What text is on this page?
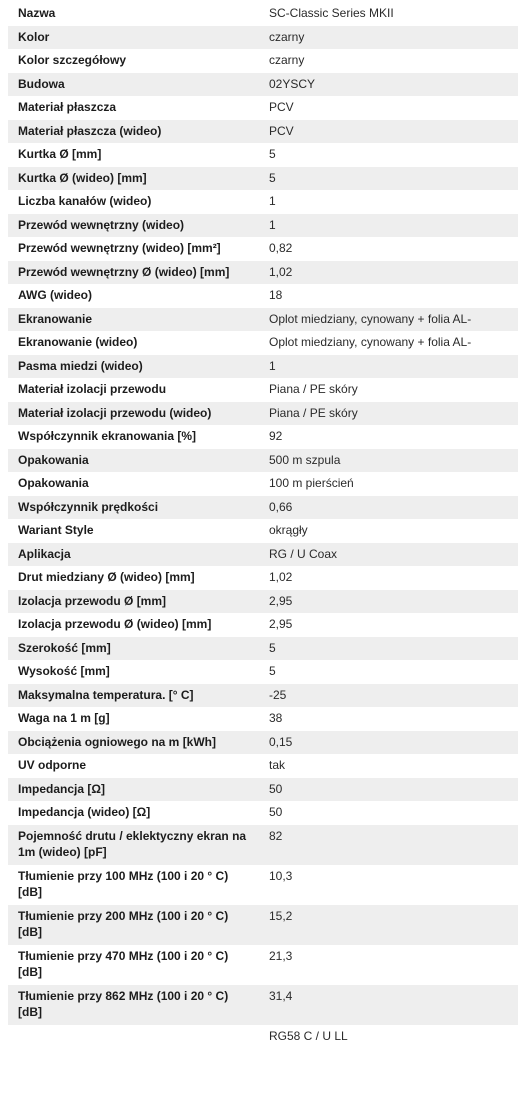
Nazwa	SC-Classic Series MKII
Kolor	czarny
Kolor szczegółowy	czarny
Budowa	02YSCY
Materiał płaszcza	PCV
Materiał płaszcza (wideo)	PCV
Kurtka Ø [mm]	5
Kurtka Ø (wideo) [mm]	5
Liczba kanałów (wideo)	1
Przewód wewnętrzny (wideo)	1
Przewód wewnętrzny (wideo) [mm²]	0,82
Przewód wewnętrzny Ø (wideo) [mm]	1,02
AWG (wideo)	18
Ekranowanie	Oplot miedziany, cynowany + folia AL-
Ekranowanie (wideo)	Oplot miedziany, cynowany + folia AL-
Pasma miedzi (wideo)	1
Materiał izolacji przewodu	Piana / PE skóry
Materiał izolacji przewodu (wideo)	Piana / PE skóry
Współczynnik ekranowania [%]	92
Opakowania	500 m szpula
Opakowania	100 m pierścień
Współczynnik prędkości	0,66
Wariant Style	okrągły
Aplikacja	RG / U Coax
Drut miedziany Ø (wideo) [mm]	1,02
Izolacja przewodu Ø [mm]	2,95
Izolacja przewodu Ø (wideo) [mm]	2,95
Szerokość [mm]	5
Wysokość [mm]	5
Maksymalna temperatura. [° C]	-25
Waga na 1 m [g]	38
Obciążenia ogniowego na m [kWh]	0,15
UV odporne	tak
Impedancja [Ω]	50
Impedancja (wideo) [Ω]	50
Pojemność drutu / eklektyczny ekran na 1m (wideo) [pF]	82
Tłumienie przy 100 MHz (100 i 20 ° C) [dB]	10,3
Tłumienie przy 200 MHz (100 i 20 ° C) [dB]	15,2
Tłumienie przy 470 MHz (100 i 20 ° C) [dB]	21,3
Tłumienie przy 862 MHz (100 i 20 ° C) [dB]	31,4
	RG58 C / U LL
